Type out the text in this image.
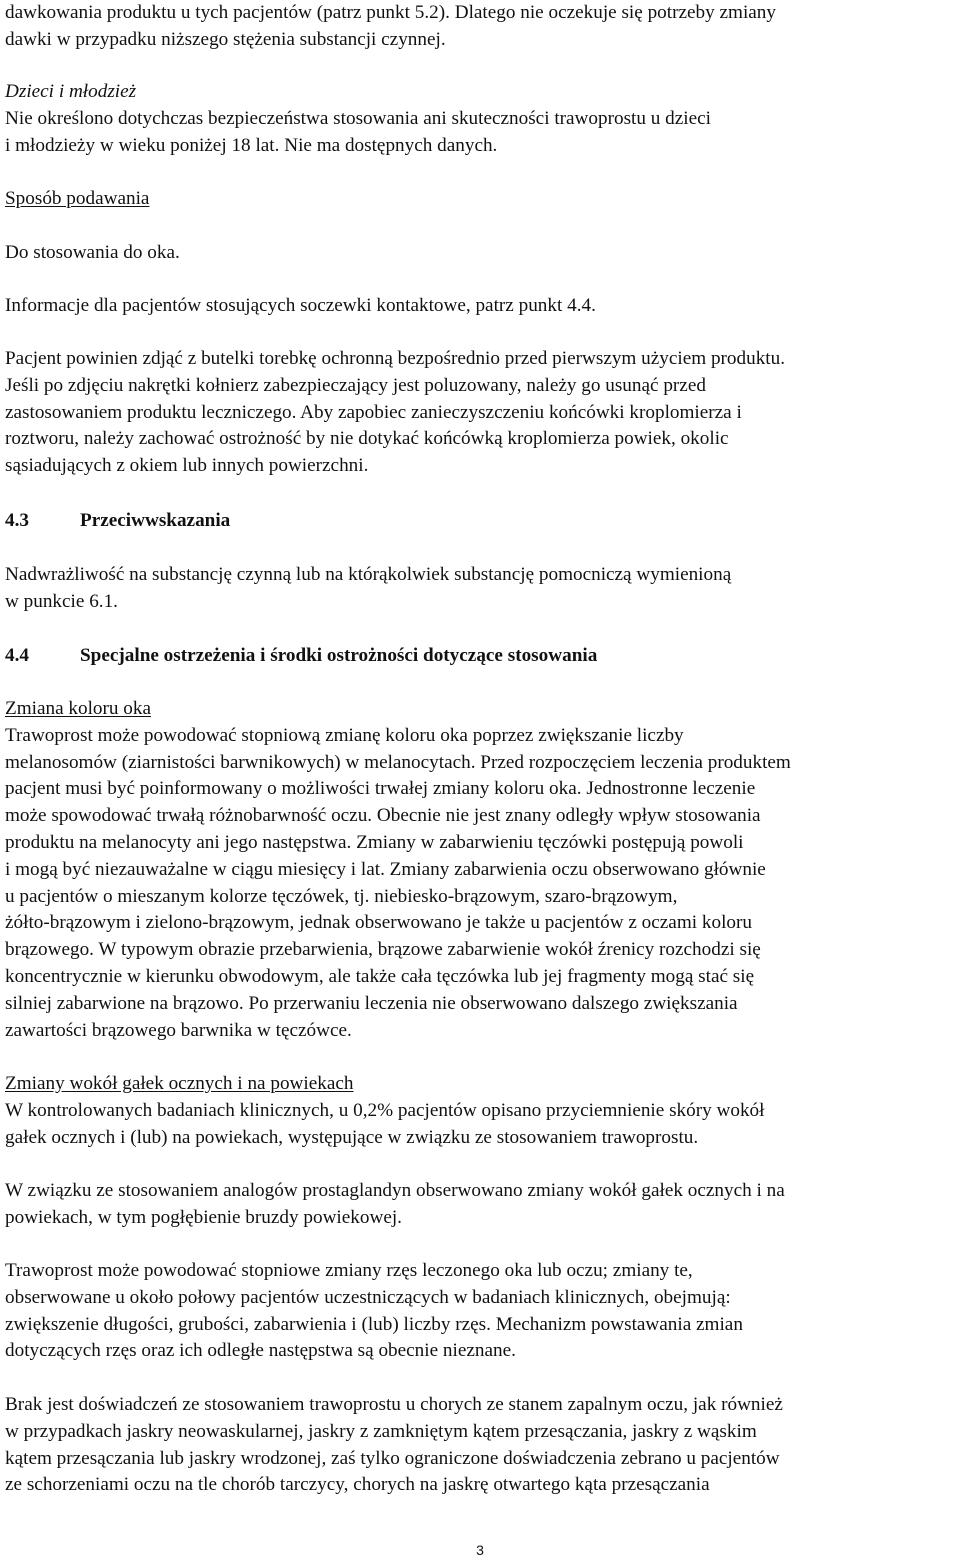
dawkowania produktu u tych pacjentów (patrz punkt 5.2). Dlatego nie oczekuje się potrzeby zmiany
dawki w przypadku niższego stężenia substancji czynnej.

Dzieci i młodzież
Nie określono dotychczas bezpieczeństwa stosowania ani skuteczności trawoprostu u dzieci
i młodzieży w wieku poniżej 18 lat. Nie ma dostępnych danych.

Sposób podawania

Do stosowania do oka.

Informacje dla pacjentów stosujących soczewki kontaktowe, patrz punkt 4.4.

Pacjent powinien zdjąć z butelki torebkę ochronną bezpośrednio przed pierwszym użyciem produktu.
Jeśli po zdjęciu nakrętki kołnierz zabezpieczający jest poluzowany, należy go usunąć przed
zastosowaniem produktu leczniczego. Aby zapobiec zanieczyszczeniu końcówki kroplomierza i
roztworu, należy zachować ostrożność by nie dotykać końcówką kroplomierza powiek, okolic
sąsiadujących z okiem lub innych powierzchni.

4.3	Przeciwwskazania

Nadwrażliwość na substancję czynną lub na którąkolwiek substancję pomocniczą wymienioną
w punkcie 6.1.

4.4	Specjalne ostrzeżenia i środki ostrożności dotyczące stosowania

Zmiana koloru oka
Trawoprost może powodować stopniową zmianę koloru oka poprzez zwiększanie liczby
melanosomów (ziarnistości barwnikowych) w melanocytach. Przed rozpoczęciem leczenia produktem
pacjent musi być poinformowany o możliwości trwałej zmiany koloru oka. Jednostronne leczenie
może spowodować trwałą różnobarwność oczu. Obecnie nie jest znany odległy wpływ stosowania
produktu na melanocyty ani jego następstwa. Zmiany w zabarwieniu tęczówki postępują powoli
i mogą być niezauważalne w ciągu miesięcy i lat. Zmiany zabarwienia oczu obserwowano głównie
u pacjentów o mieszanym kolorze tęczówek, tj. niebiesko-brązowym, szaro-brązowym,
żółto-brązowym i zielono-brązowym, jednak obserwowano je także u pacjentów z oczami koloru
brązowego. W typowym obrazie przebarwienia, brązowe zabarwienie wokół źrenicy rozchodzi się
koncentrycznie w kierunku obwodowym, ale także cała tęczówka lub jej fragmenty mogą stać się
silniej zabarwione na brązowo. Po przerwaniu leczenia nie obserwowano dalszego zwiększania
zawartości brązowego barwnika w tęczówce.

Zmiany wokół gałek ocznych i na powiekach
W kontrolowanych badaniach klinicznych, u 0,2% pacjentów opisano przyciemnienie skóry wokół
gałek ocznych i (lub) na powiekach, występujące w związku ze stosowaniem trawoprostu.

W związku ze stosowaniem analogów prostaglandyn obserwowano zmiany wokół gałek ocznych i na
powiekach, w tym pogłębienie bruzdy powiekowej.

Trawoprost może powodować stopniowe zmiany rzęs leczonego oka lub oczu; zmiany te,
obserwowane u około połowy pacjentów uczestniczących w badaniach klinicznych, obejmują:
zwiększenie długości, grubości, zabarwienia i (lub) liczby rzęs. Mechanizm powstawania zmian
dotyczących rzęs oraz ich odległe następstwa są obecnie nieznane.

Brak jest doświadczeń ze stosowaniem trawoprostu u chorych ze stanem zapalnym oczu, jak również
w przypadkach jaskry neowaskularnej, jaskry z zamkniętym kątem przesączania, jaskry z wąskim
kątem przesączania lub jaskry wrodzonej, zaś tylko ograniczone doświadczenia zebrano u pacjentów
ze schorzeniami oczu na tle chorób tarczycy, chorych na jaskrę otwartego kąta przesączania

3
